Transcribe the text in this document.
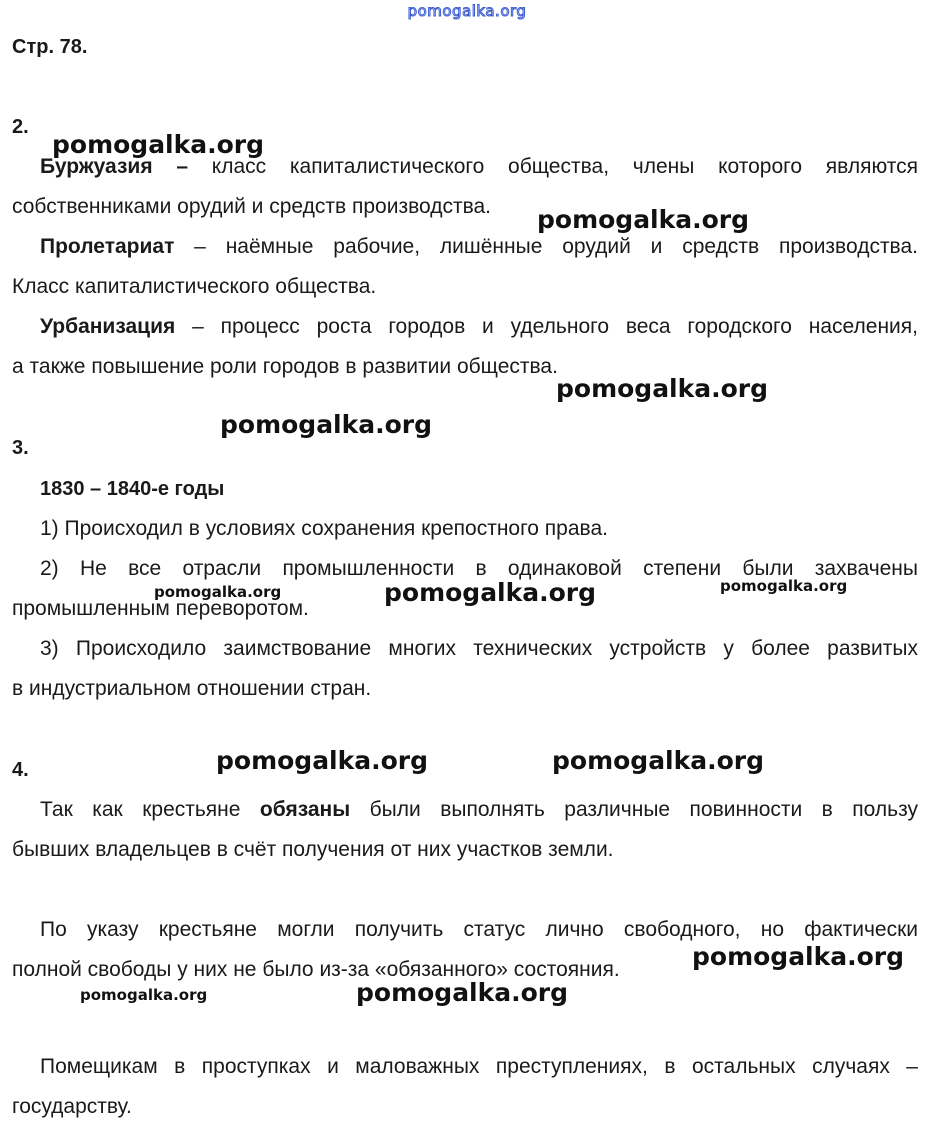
pomogalka.org
Стр. 78.
2.
Буржуазия – класс капиталистического общества, члены которого являются
собственниками орудий и средств производства.
Пролетариат – наёмные рабочие, лишённые орудий и средств производства.
Класс капиталистического общества.
Урбанизация – процесс роста городов и удельного веса городского населения,
а также повышение роли городов в развитии общества.
3.
1830 – 1840-е годы
1) Происходил в условиях сохранения крепостного права.
2) Не все отрасли промышленности в одинаковой степени были захвачены
промышленным переворотом.
3) Происходило заимствование многих технических устройств у более развитых
в индустриальном отношении стран.
4.
Так как крестьяне обязаны были выполнять различные повинности в пользу
бывших владельцев в счёт получения от них участков земли.
По указу крестьяне могли получить статус лично свободного, но фактически
полной свободы у них не было из-за «обязанного» состояния.
Помещикам в проступках и маловажных преступлениях, в остальных случаях –
государству.
pomogalka.org
pomogalka.org
pomogalka.org
pomogalka.org
pomogalka.org	pomogalka.org	pomogalka.org
pomogalka.org	pomogalka.org
pomogalka.org
pomogalka.org	pomogalka.org
